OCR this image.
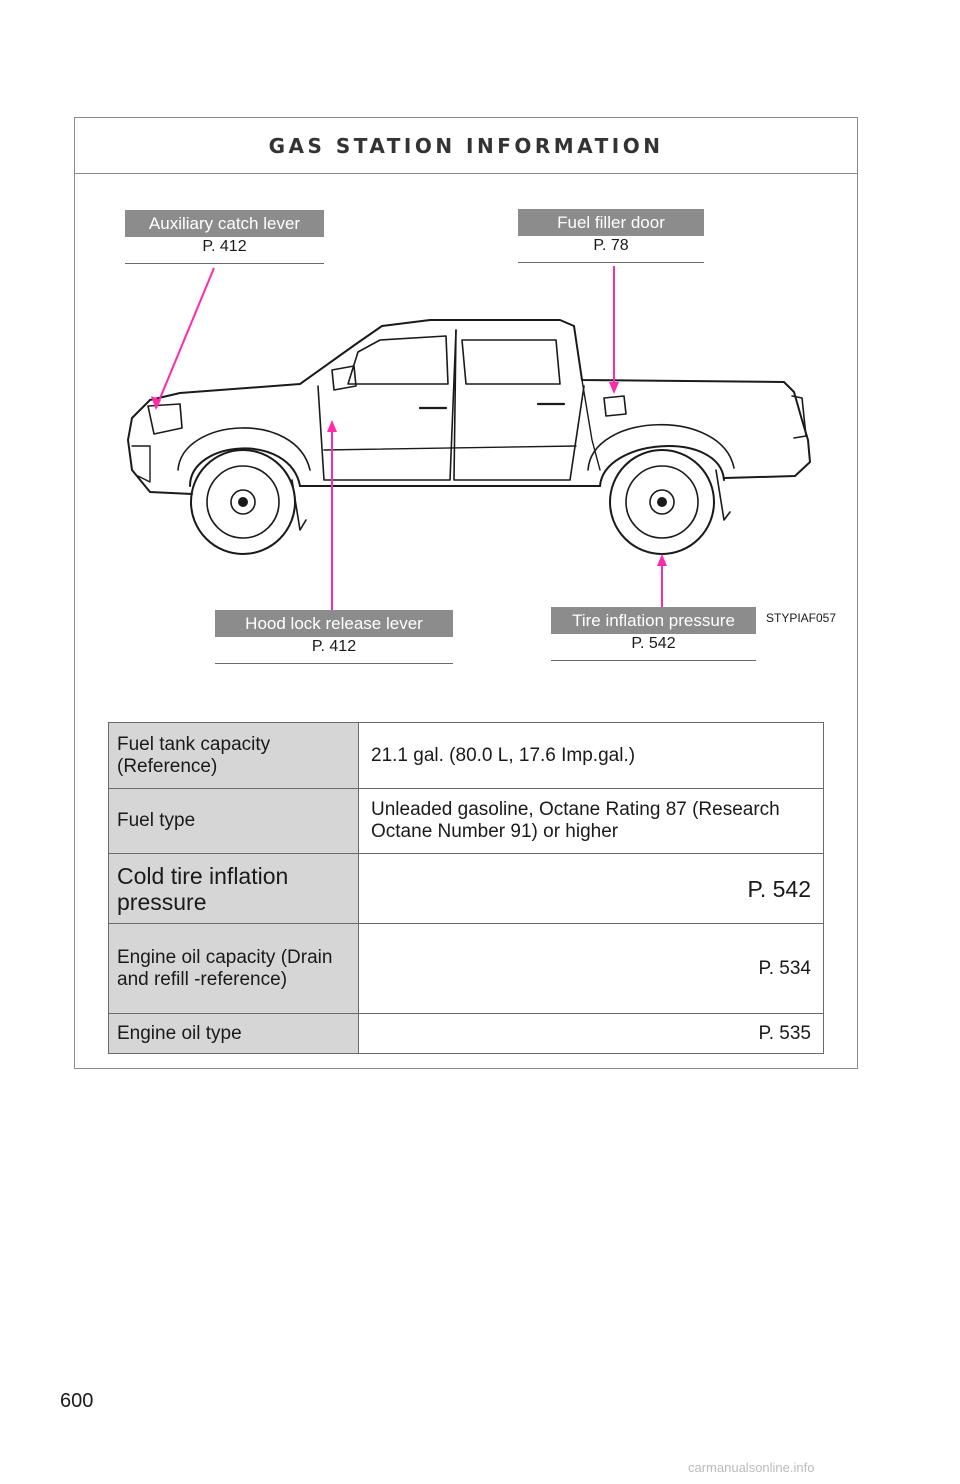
GAS STATION INFORMATION
Auxiliary catch lever
P. 412
Fuel filler door
P. 78
Hood lock release lever
P. 412
Tire inflation pressure
P. 542
STYPIAF057
Fuel tank capacity (Reference)	21.1 gal. (80.0 L, 17.6 Imp.gal.)
Fuel type	Unleaded gasoline, Octane Rating 87 (Research Octane Number 91) or higher
Cold tire inflation pressure	P. 542
Engine oil capacity (Drain and refill -reference)	P. 534
Engine oil type	P. 535
600
carmanualsonline.info
